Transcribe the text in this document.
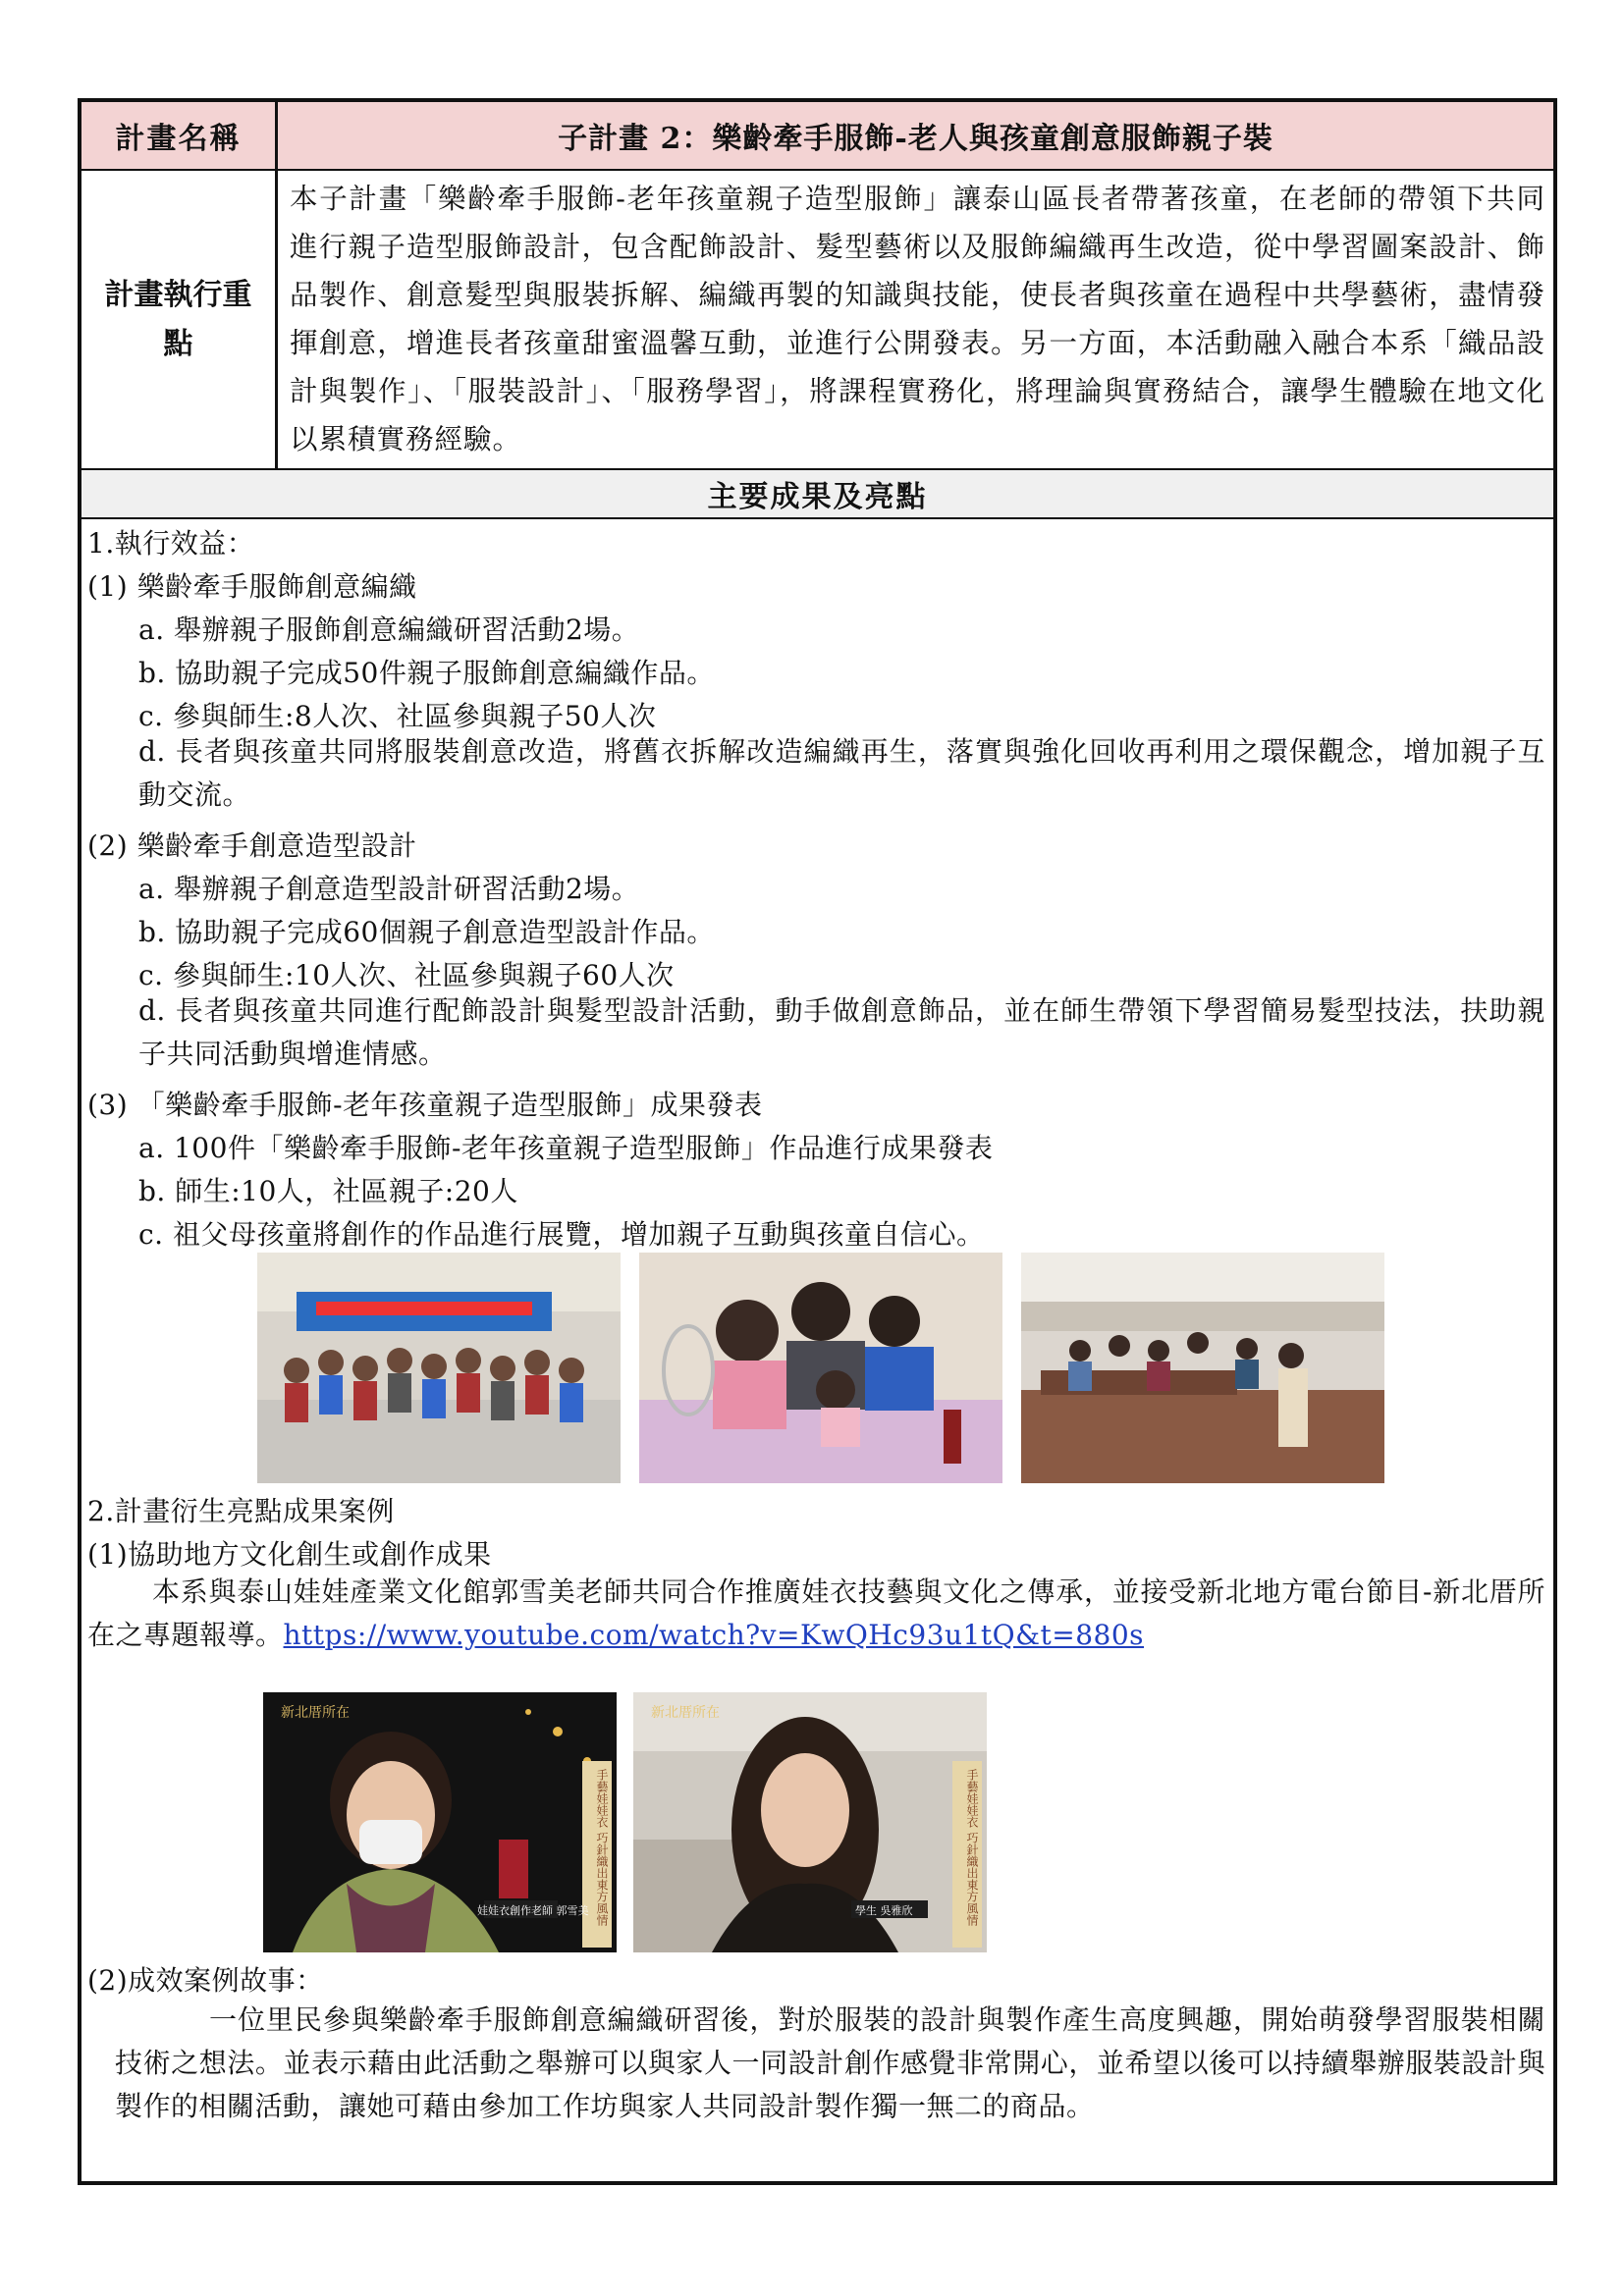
計畫名稱	子計畫 2：樂齡牽手服飾-老人與孩童創意服飾親子裝
計畫執行重點
本子計畫「樂齡牽手服飾-老年孩童親子造型服飾」讓泰山區長者帶著孩童，在老師的帶領下共同進行親子造型服飾設計，包含配飾設計、髮型藝術以及服飾編織再生改造，從中學習圖案設計、飾品製作、創意髮型與服裝拆解、編織再製的知識與技能，使長者與孩童在過程中共學藝術，盡情發揮創意，增進長者孩童甜蜜溫馨互動，並進行公開發表。另一方面，本活動融入融合本系「織品設計與製作」、「服裝設計」、「服務學習」，將課程實務化，將理論與實務結合，讓學生體驗在地文化以累積實務經驗。
主要成果及亮點
1.執行效益：
(1) 樂齡牽手服飾創意編織
a. 舉辦親子服飾創意編織研習活動2場。
b. 協助親子完成50件親子服飾創意編織作品。
c. 參與師生:8人次、社區參與親子50人次
d. 長者與孩童共同將服裝創意改造，將舊衣拆解改造編織再生，落實與強化回收再利用之環保觀念，增加親子互動交流。
(2) 樂齡牽手創意造型設計
a. 舉辦親子創意造型設計研習活動2場。
b. 協助親子完成60個親子創意造型設計作品。
c. 參與師生:10人次、社區參與親子60人次
d. 長者與孩童共同進行配飾設計與髮型設計活動，動手做創意飾品，並在師生帶領下學習簡易髮型技法，扶助親子共同活動與增進情感。
(3) 「樂齡牽手服飾-老年孩童親子造型服飾」成果發表
a. 100件「樂齡牽手服飾-老年孩童親子造型服飾」作品進行成果發表
b. 師生:10人，社區親子:20人
c. 祖父母孩童將創作的作品進行展覽，增加親子互動與孩童自信心。
2.計畫衍生亮點成果案例
(1)協助地方文化創生或創作成果
本系與泰山娃娃產業文化館郭雪美老師共同合作推廣娃衣技藝與文化之傳承，並接受新北地方電台節目-新北厝所在之專題報導。https://www.youtube.com/watch?v=KwQHc93u1tQ&t=880s
新北厝所在
娃娃衣創作老師 郭雪美 手藝娃娃衣 巧針織出東方風情
新北厝所在
學生 吳雅欣	手藝娃娃衣 巧針織出東方風情
(2)成效案例故事：
一位里民參與樂齡牽手服飾創意編織研習後，對於服裝的設計與製作產生高度興趣，開始萌發學習服裝相關技術之想法。並表示藉由此活動之舉辦可以與家人一同設計創作感覺非常開心，並希望以後可以持續舉辦服裝設計與製作的相關活動，讓她可藉由參加工作坊與家人共同設計製作獨一無二的商品。
